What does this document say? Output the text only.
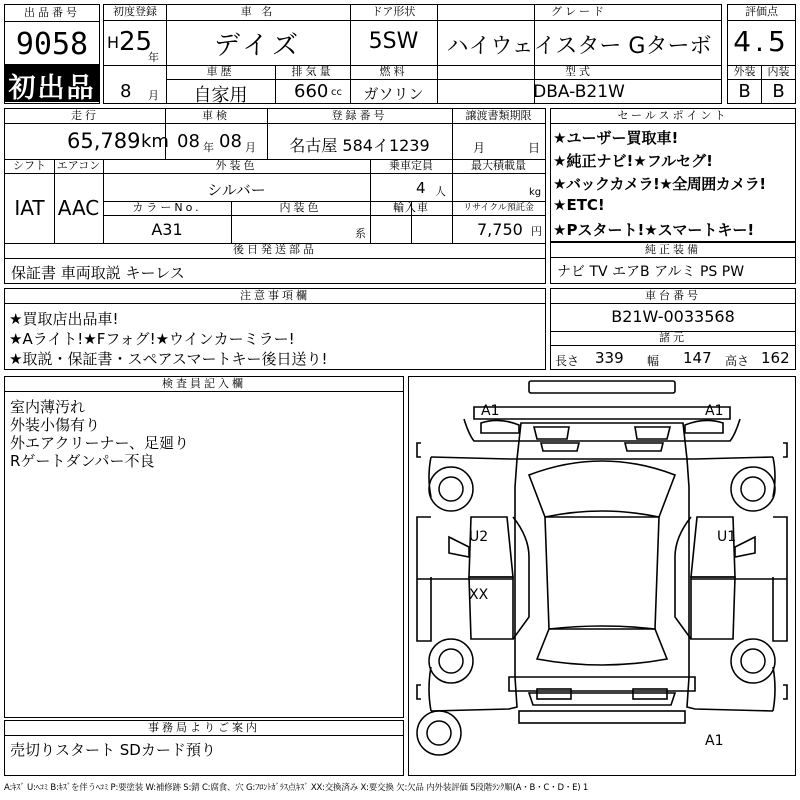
出品番号
9058
初出品
初度登録
H 25
年
8 月
車 名
デイズ
ドア形状
5SW
グレード
ハイウェイスター Gターボ
車歴
自家用
排気量
660 cc
燃料
ガソリン
型式
DBA-B21W
評価点
4.5
外装	内装
B	B
走行
65,789 km
車検
08 年 08 月
登録番号
名古屋 584イ1239
譲渡書類期限
月	日
シフト
IAT
エアコン
AAC
外装色
シルバー
乗車定員
4 人
最大積載量
kg
カラーNo.
A31
内装色
系
輸入車	リサイクル預託金
7,750 円
後日発送部品
保証書 車両取説 キーレス
セールスポイント
★ユーザー買取車!
★純正ナビ!★フルセグ!
★バックカメラ!★全周囲カメラ!
★ETC!
★Pスタート!★スマートキー!
純正装備
ナビ TV エアB アルミ PS PW
注意事項欄
★買取店出品車!
★Aライト!★Fフォグ!★ウインカーミラー!
★取説・保証書・スペアスマートキー後日送り!
車台番号
B21W-0033568
諸元
長さ 339 幅 147 高さ 162
検査員記入欄
室内薄汚れ
外装小傷有り
外エアクリーナー、足廻り
Rゲートダンパー不良
事務局よりご案内
売切りスタート SDカード預り
A1	A1
U2	U1
XX
A1
A:ｷｽﾞ U:ﾍｺﾐ B:ｷｽﾞを伴うﾍｺﾐ P:要塗装 W:補修跡 S:錆 C:腐食、穴 G:ﾌﾛﾝﾄｶﾞﾗｽ点ｷｽﾞ XX:交換済み X:要交換 欠:欠品 内外装評価 5段階ﾗﾝｸ順(A・B・C・D・E) 1
